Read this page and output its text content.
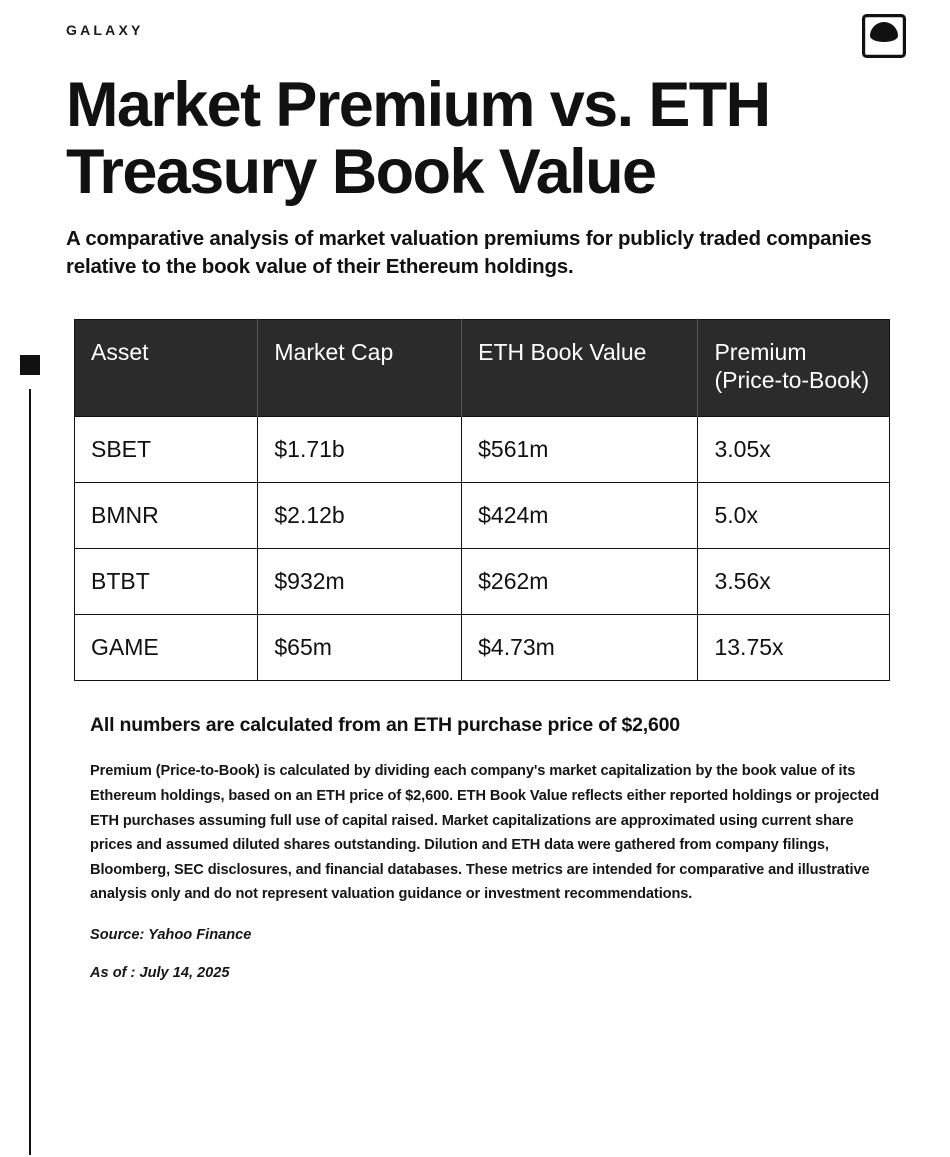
GALAXY
Market Premium vs. ETH Treasury Book Value

A comparative analysis of market valuation premiums for publicly traded companies relative to the book value of their Ethereum holdings.

Asset	Market Cap	ETH Book Value	Premium (Price-to-Book)
SBET	$1.71b	$561m	3.05x
BMNR	$2.12b	$424m	5.0x
BTBT	$932m	$262m	3.56x
GAME	$65m	$4.73m	13.75x

All numbers are calculated from an ETH purchase price of $2,600

Premium (Price-to-Book) is calculated by dividing each company's market capitalization by the book value of its Ethereum holdings, based on an ETH price of $2,600. ETH Book Value reflects either reported holdings or projected ETH purchases assuming full use of capital raised. Market capitalizations are approximated using current share prices and assumed diluted shares outstanding. Dilution and ETH data were gathered from company filings, Bloomberg, SEC disclosures, and financial databases. These metrics are intended for comparative and illustrative analysis only and do not represent valuation guidance or investment recommendations.

Source: Yahoo Finance

As of : July 14, 2025
